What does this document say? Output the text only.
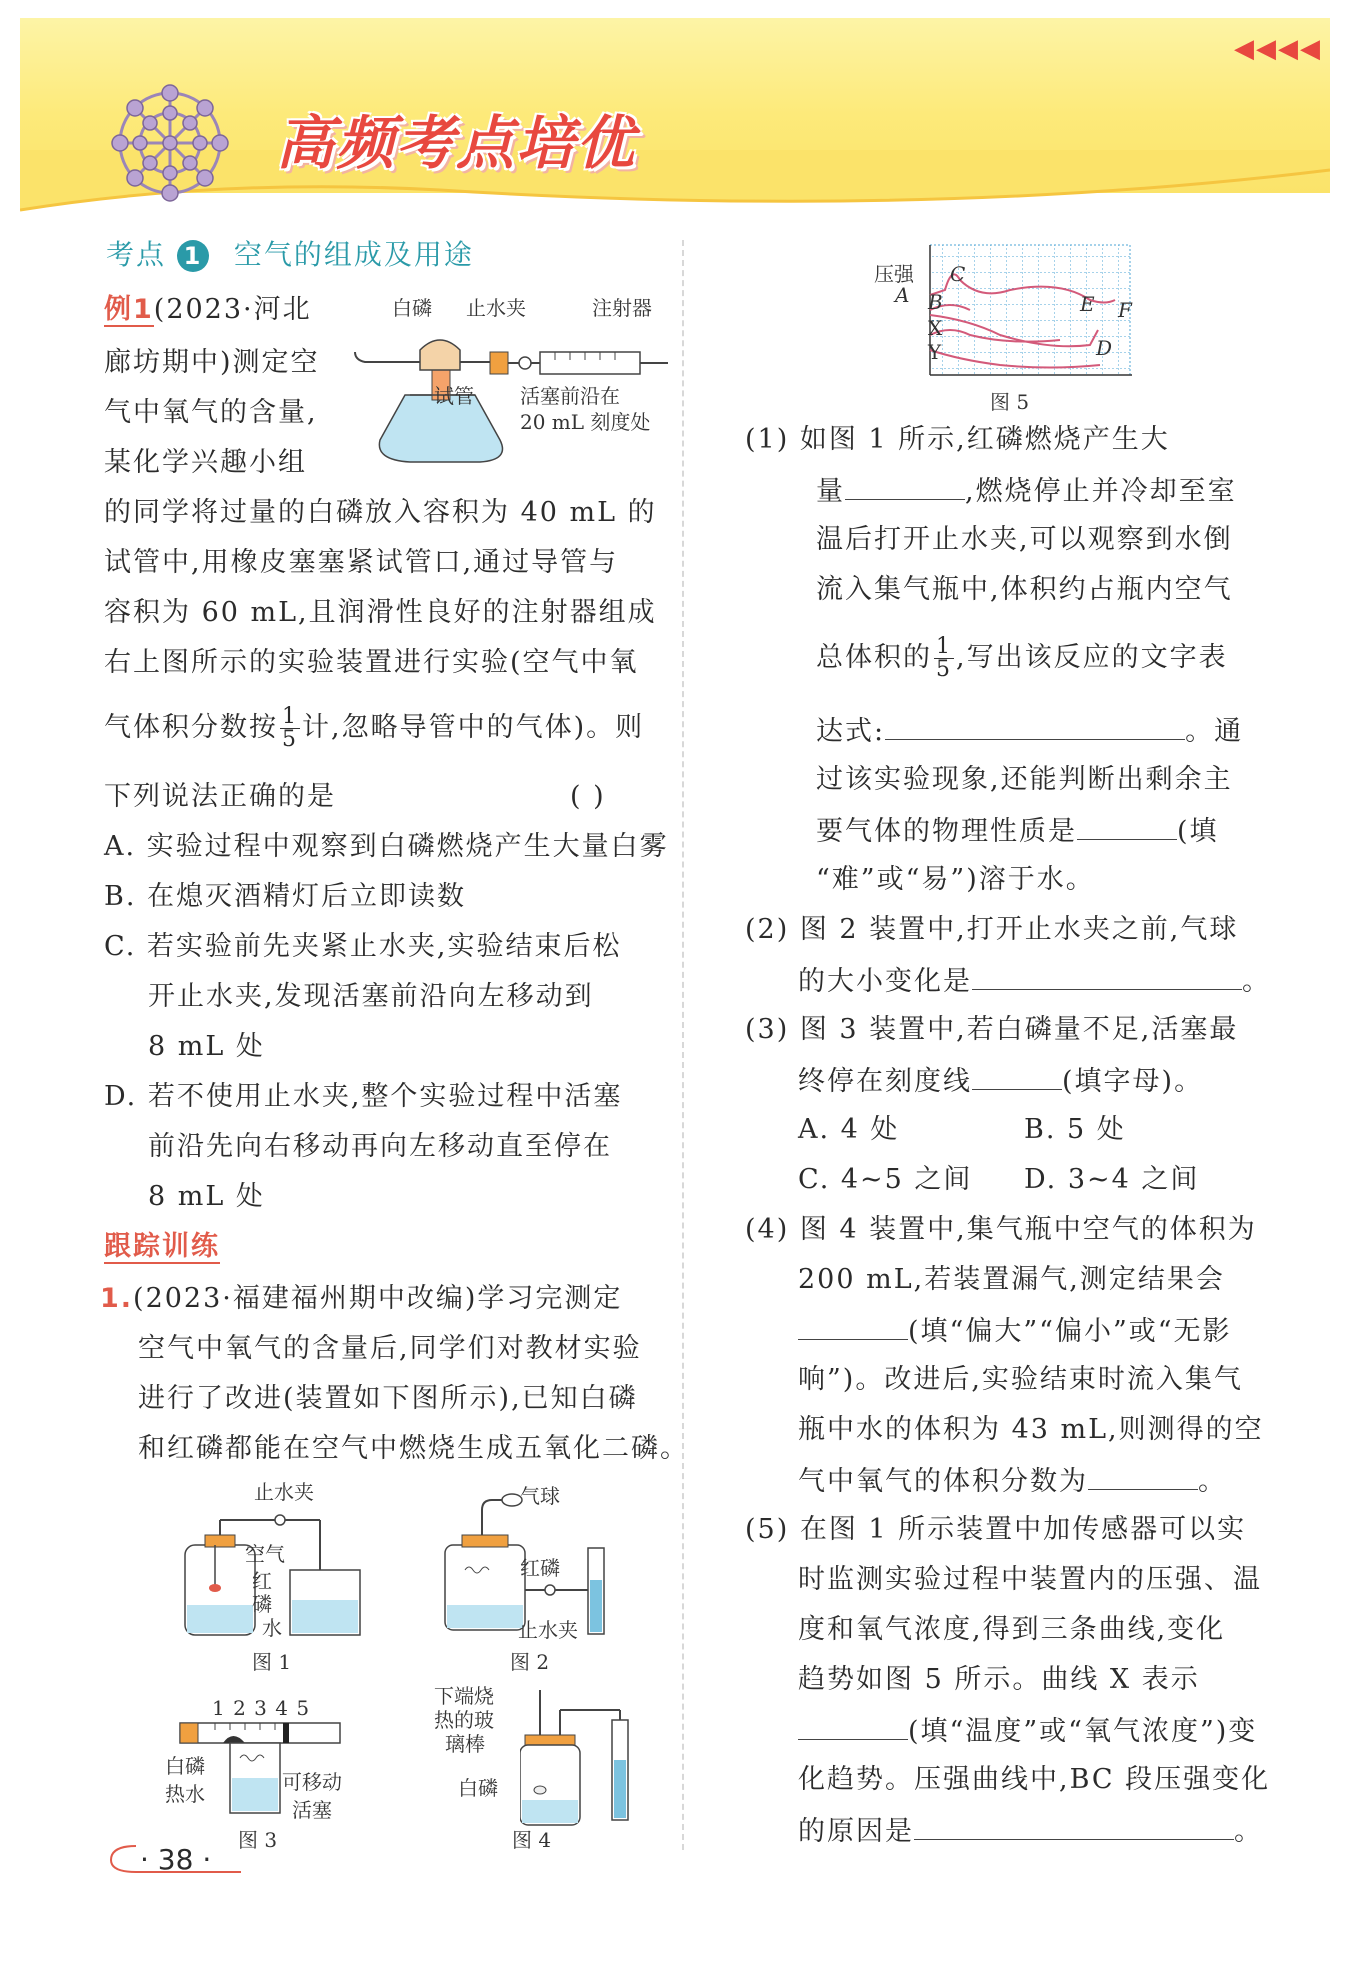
◀◀◀◀
高频考点培优
考点 1 空气的组成及用途
例1(2023·河北
廊坊期中)测定空
气中氧气的含量,
某化学兴趣小组
的同学将过量的白磷放入容积为 40 mL 的
试管中,用橡皮塞塞紧试管口,通过导管与
容积为 60 mL,且润滑性良好的注射器组成
右上图所示的实验装置进行实验(空气中氧
气体积分数按 $\frac{1}{5}$ 计,忽略导管中的气体)。则
下列说法正确的是	( )
A. 实验过程中观察到白磷燃烧产生大量白雾
B. 在熄灭酒精灯后立即读数
C. 若实验前先夹紧止水夹,实验结束后松
开止水夹,发现活塞前沿向左移动到
8 mL 处
D. 若不使用止水夹,整个实验过程中活塞
前沿先向右移动再向左移动直至停在
8 mL 处
白磷 止水夹	注射器
试管 活塞前沿在
20 mL 刻度处
跟踪训练
1.(2023·福建福州期中改编)学习完测定
空气中氧气的含量后,同学们对教材实验
进行了改进(装置如下图所示),已知白磷
和红磷都能在空气中燃烧生成五氧化二磷。
止水夹
空气
红
磷
水
图 1
气球
红磷
止水夹
图 2
1 2 3 4 5
白磷
热水	可移动
活塞
图 3
下端烧
热的玻
璃棒
白磷
图 4
压强
A B
C
D
E F
X
Y
图 5
(1) 如图 1 所示,红磷燃烧产生大
量	,燃烧停止并冷却至室
温后打开止水夹,可以观察到水倒
流入集气瓶中,体积约占瓶内空气
总体积的 $\frac{1}{5}$ ,写出该反应的文字表
达式:	。通
过该实验现象,还能判断出剩余主
要气体的物理性质是	(填
“难”或“易”)溶于水。
(2) 图 2 装置中,打开止水夹之前,气球
的大小变化是	。
(3) 图 3 装置中,若白磷量不足,活塞最
终停在刻度线	(填字母)。
A. 4 处	B. 5 处
C. 4~5 之间 D. 3~4 之间
(4) 图 4 装置中,集气瓶中空气的体积为
200 mL,若装置漏气,测定结果会
(填“偏大”“偏小”或“无影
响”)。改进后,实验结束时流入集气
瓶中水的体积为 43 mL,则测得的空
气中氧气的体积分数为	。
(5) 在图 1 所示装置中加传感器可以实
时监测实验过程中装置内的压强、温
度和氧气浓度,得到三条曲线,变化
趋势如图 5 所示。曲线 X 表示
(填“温度”或“氧气浓度”)变
化趋势。压强曲线中,BC 段压强变化
的原因是	。
· 38 ·
